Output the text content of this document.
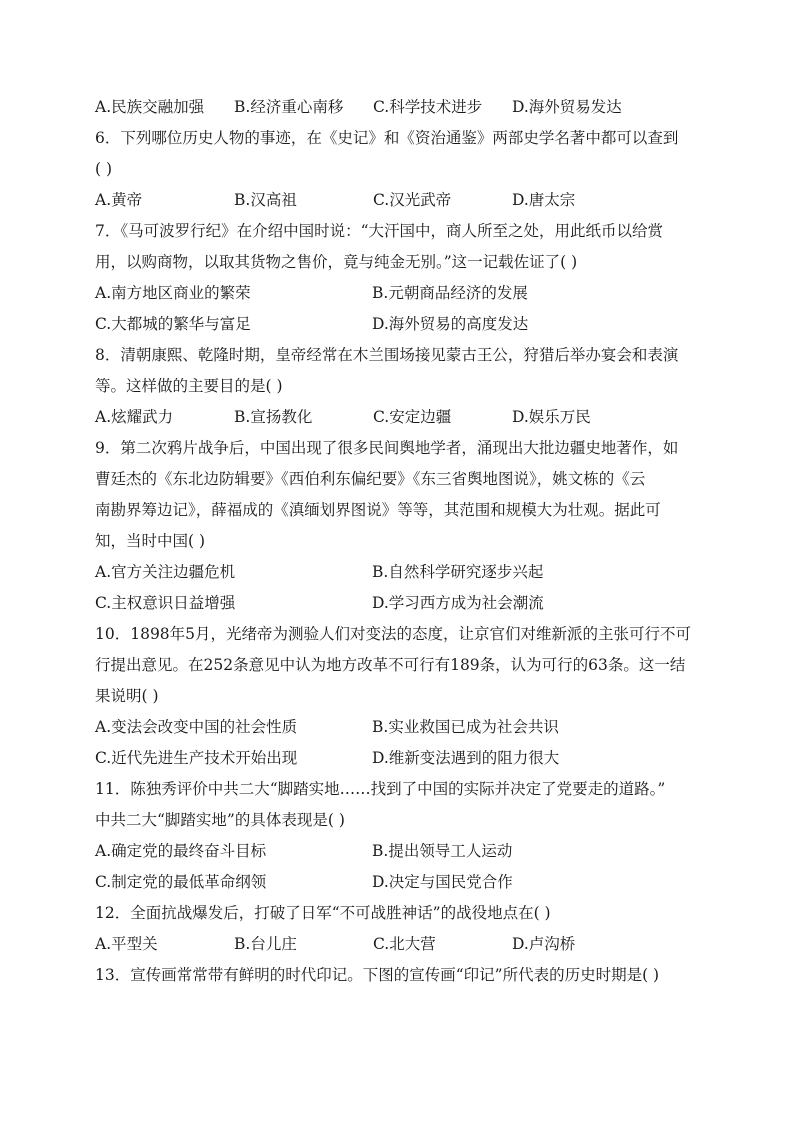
A.民族交融加强	B.经济重心南移	C.科学技术进步	D.海外贸易发达
6．下列哪位历史人物的事迹，在《史记》和《资治通鉴》两部史学名著中都可以查到
( )
A.黄帝	B.汉高祖	C.汉光武帝	D.唐太宗
7．《马可波罗行纪》在介绍中国时说：“大汗国中，商人所至之处，用此纸币以给赏
用，以购商物，以取其货物之售价，竟与纯金无别。”这一记载佐证了( )
A.南方地区商业的繁荣	B.元朝商品经济的发展
C.大都城的繁华与富足	D.海外贸易的高度发达
8．清朝康熙、乾隆时期，皇帝经常在木兰围场接见蒙古王公，狩猎后举办宴会和表演
等。这样做的主要目的是( )
A.炫耀武力	B.宣扬教化	C.安定边疆	D.娱乐万民
9．第二次鸦片战争后，中国出现了很多民间舆地学者，涌现出大批边疆史地著作，如
曹廷杰的《东北边防辑要》《西伯利东偏纪要》《东三省舆地图说》，姚文栋的《云
南勘界筹边记》，薛福成的《滇缅划界图说》等等，其范围和规模大为壮观。据此可
知，当时中国( )
A.官方关注边疆危机	B.自然科学研究逐步兴起
C.主权意识日益增强	D.学习西方成为社会潮流
10．1898年5月，光绪帝为测验人们对变法的态度，让京官们对维新派的主张可行不可
行提出意见。在252条意见中认为地方改革不可行有189条，认为可行的63条。这一结
果说明( )
A.变法会改变中国的社会性质	B.实业救国已成为社会共识
C.近代先进生产技术开始出现	D.维新变法遇到的阻力很大
11．陈独秀评价中共二大“脚踏实地……找到了中国的实际并决定了党要走的道路。”
中共二大“脚踏实地”的具体表现是( )
A.确定党的最终奋斗目标	B.提出领导工人运动
C.制定党的最低革命纲领	D.决定与国民党合作
12．全面抗战爆发后，打破了日军“不可战胜神话”的战役地点在( )
A.平型关	B.台儿庄	C.北大营	D.卢沟桥
13．宣传画常常带有鲜明的时代印记。下图的宣传画“印记”所代表的历史时期是( )
